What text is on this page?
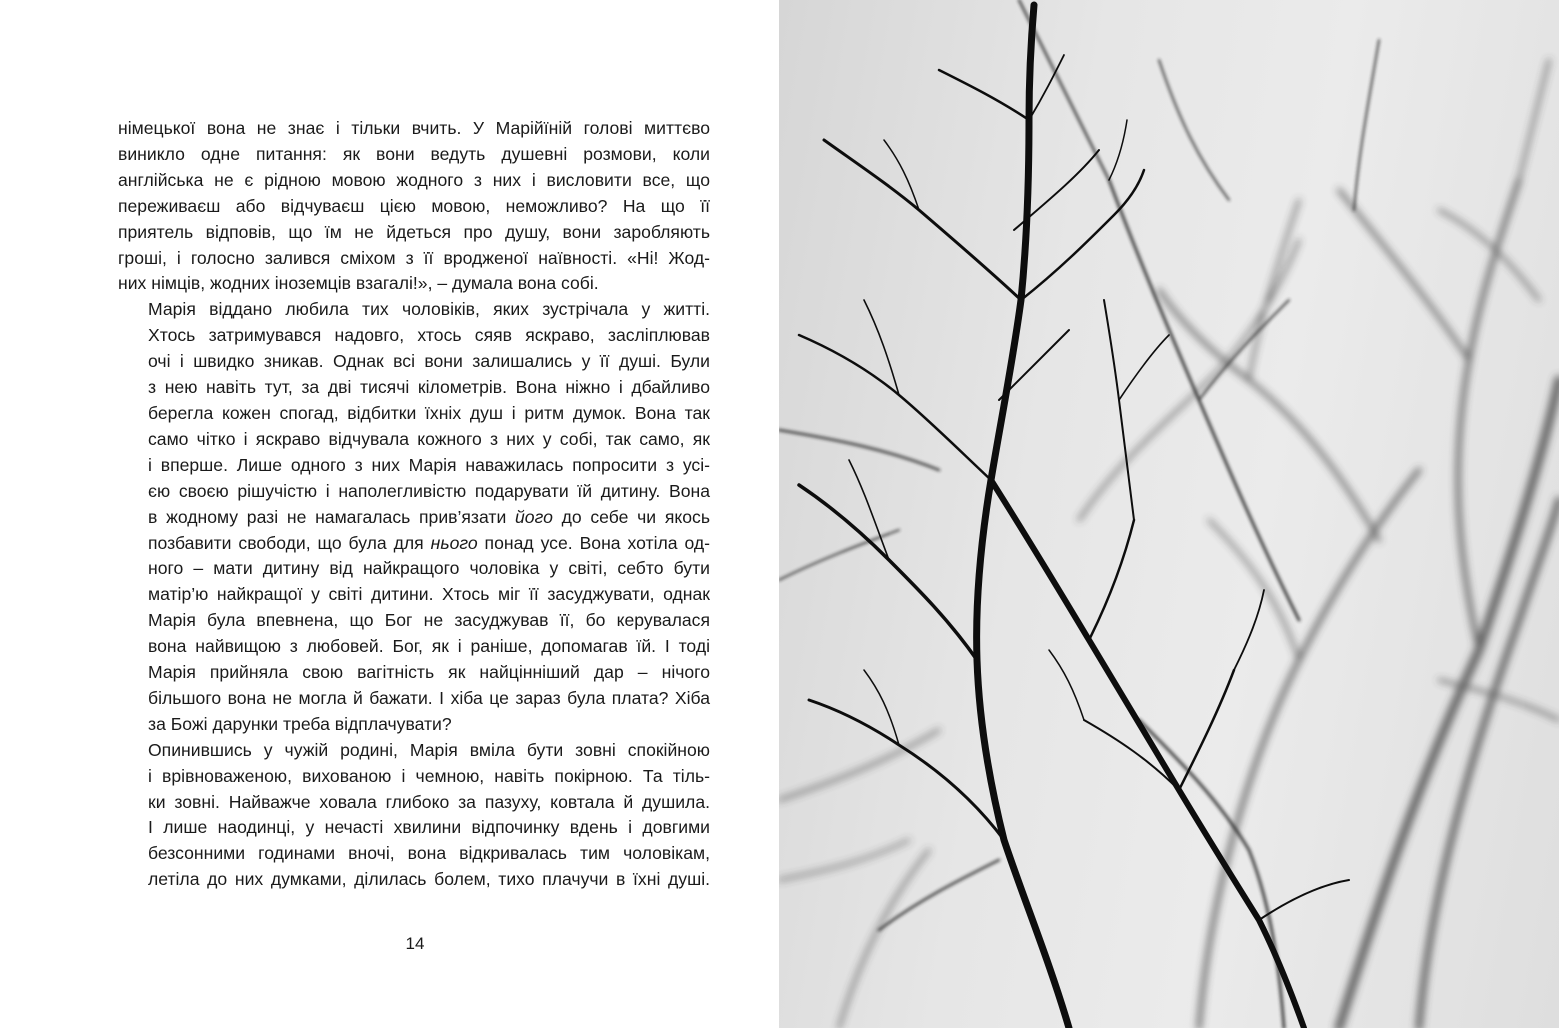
німецької вона не знає і тільки вчить. У Марійїній голові миттєво
виникло одне питання: як вони ведуть душевні розмови, коли
англійська не є рідною мовою жодного з них і висловити все, що
переживаєш або відчуваєш цією мовою, неможливо? На що її
приятель відповів, що їм не йдеться про душу, вони заробляють
гроші, і голосно залився сміхом з її вродженої наївності. «Ні! Жод-
них німців, жодних іноземців взагалі!», – думала вона собі.

Марія віддано любила тих чоловіків, яких зустрічала у житті.
Хтось затримувався надовго, хтось сяяв яскраво, засліплював
очі і швидко зникав. Однак всі вони залишались у її душі. Були
з нею навіть тут, за дві тисячі кілометрів. Вона ніжно і дбайливо
берегла кожен спогад, відбитки їхніх душ і ритм думок. Вона так
само чітко і яскраво відчувала кожного з них у собі, так само, як
і вперше. Лише одного з них Марія наважилась попросити з усі-
єю своєю рішучістю і наполегливістю подарувати їй дитину. Вона
в жодному разі не намагалась прив’язати його до себе чи якось
позбавити свободи, що була для нього понад усе. Вона хотіла од-
ного – мати дитину від найкращого чоловіка у світі, себто бути
матір’ю найкращої у світі дитини. Хтось міг її засуджувати, однак
Марія була впевнена, що Бог не засуджував її, бо керувалася
вона найвищою з любовей. Бог, як і раніше, допомагав їй. І тоді
Марія прийняла свою вагітність як найцінніший дар – нічого
більшого вона не могла й бажати. І хіба це зараз була плата? Хіба
за Божі дарунки треба відплачувати?

Опинившись у чужій родині, Марія вміла бути зовні спокійною
і врівноваженою, вихованою і чемною, навіть покірною. Та тіль-
ки зовні. Найважче ховала глибоко за пазуху, ковтала й душила.
І лише наодинці, у нечасті хвилини відпочинку вдень і довгими
безсонними годинами вночі, вона відкривалась тим чоловікам,
летіла до них думками, ділилась болем, тихо плачучи в їхні душі.

14
